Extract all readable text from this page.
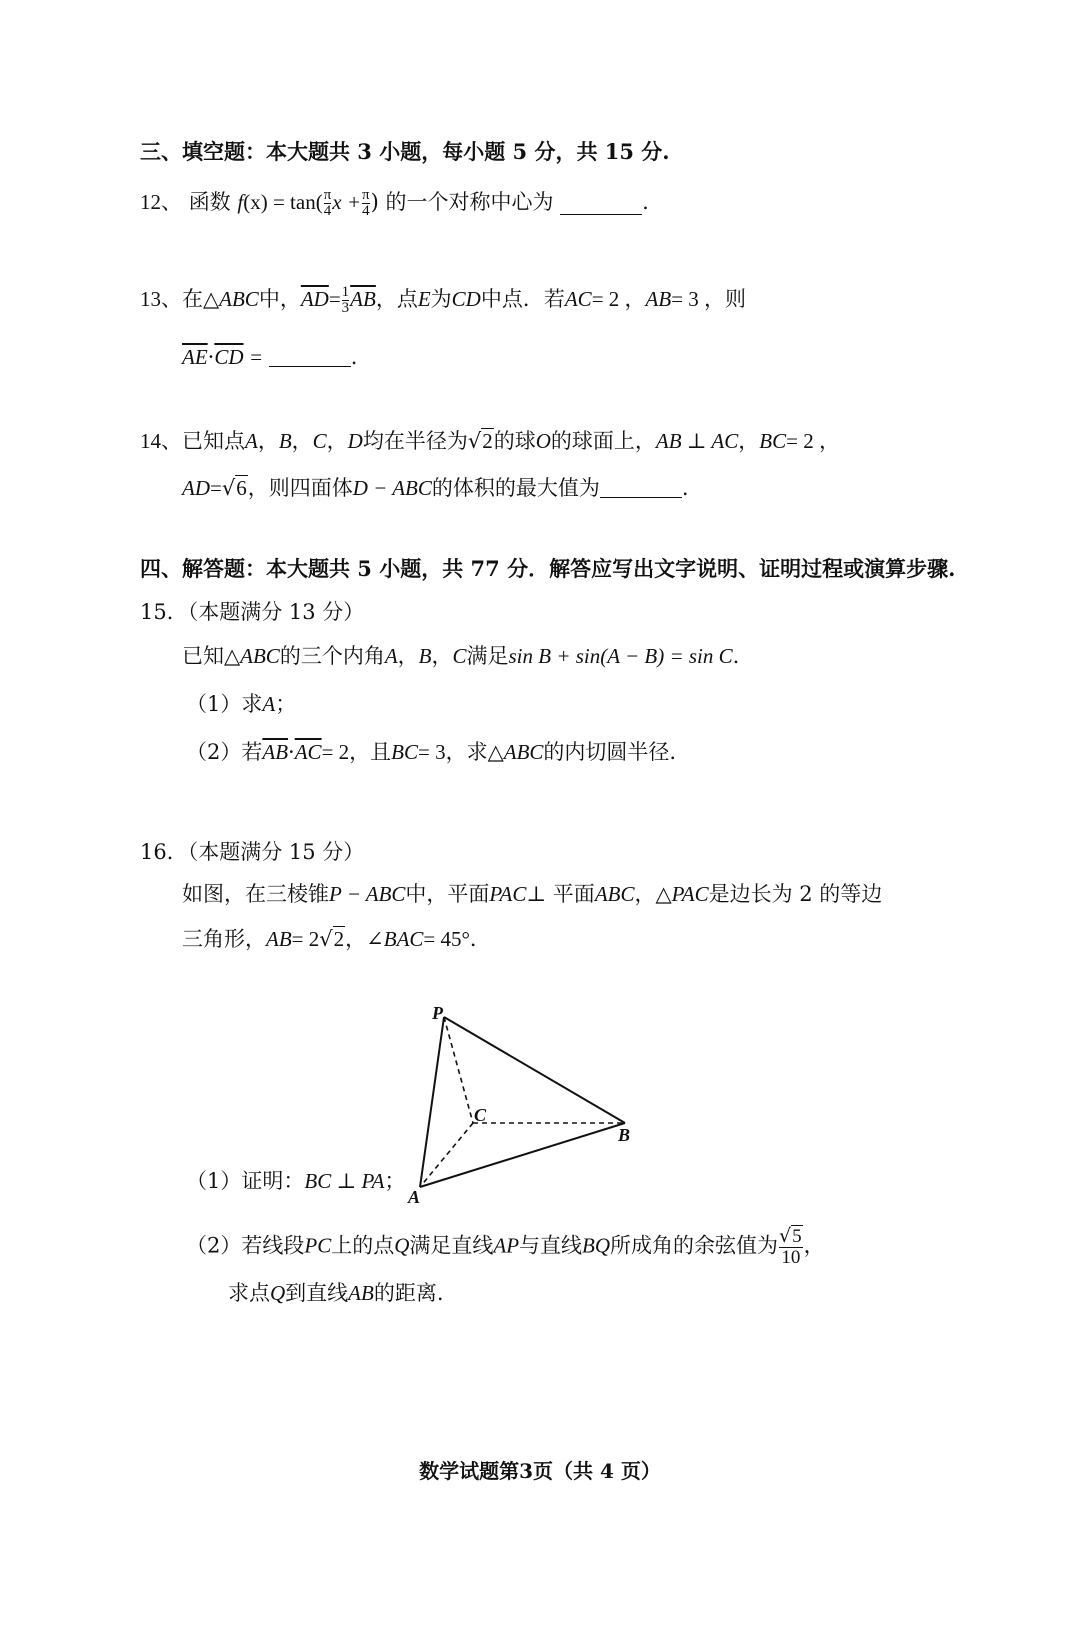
三、填空题：本大题共 3 小题，每小题 5 分，共 15 分.
12、 函数 $f(x) = \tan( \frac{\pi}{4}$ $x + \frac{\pi}{4}$ ) 的一个对称中心为	.
13、在△ABC中，$\overline{AD}= \frac{1}{3} \overline{AB}$，点E为CD中点．若AC= 2 ，AB= 3 ，则
$\overline{AE}\cdot\overline{CD}$ =	.
14、已知点A，B，C，D均在半径为√2的球O的球面上，AB ⊥ AC，BC= 2 ，
AD=√6，则四面体D − ABC的体积的最大值为	.
四、解答题：本大题共 5 小题，共 77 分．解答应写出文字说明、证明过程或演算步骤.
15．（本题满分 13 分）
已知△ABC的三个内角A，B，C满足sin B + sin(A − B) = sin C.
（1）求A；
（2）若$\overline{AB}\cdot\overline{AC}= 2$，且BC= 3，求△ABC的内切圆半径.
16．（本题满分 15 分）
如图，在三棱锥P − ABC中，平面PAC⊥ 平面ABC，△PAC是边长为 2 的等边
三角形，AB= 2√2，∠BAC= 45°．
P
C
B
A
（1）证明：BC ⊥ PA；
（2）若线段PC上的点Q满足直线AP与直线BQ所成角的余弦值为 $\frac{√5}{10}$ ，
求点Q到直线AB的距离.
数学试题第3页（共 4 页）
